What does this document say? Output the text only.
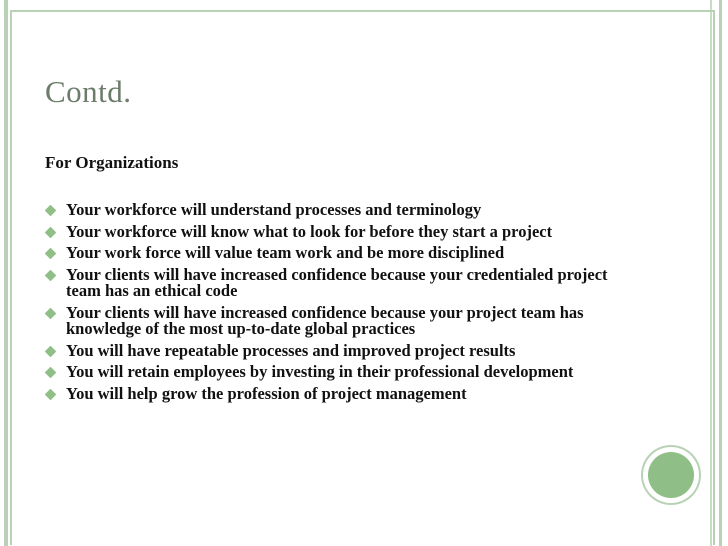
Contd.
For Organizations
Your workforce will understand processes and terminology
Your workforce will know what to look for before they start a project
Your work force will value team work and be more disciplined
Your clients will have increased confidence because your credentialed project team has an ethical code
Your clients will have increased confidence because your project team has knowledge of the most up-to-date global practices
You will have repeatable processes and improved project results
You will retain employees by investing in their professional development
You will help grow the profession of project management
